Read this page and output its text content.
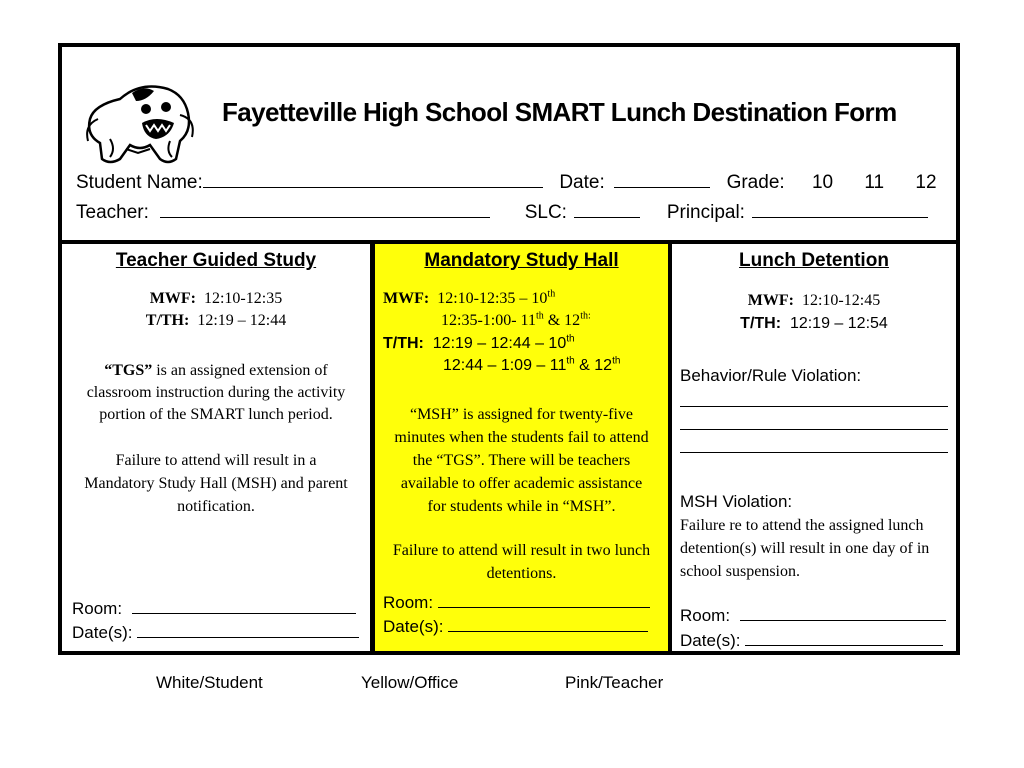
Fayetteville High School SMART Lunch Destination Form
Student Name:	Date:	Grade: 10 11 12
Teacher:	SLC:	Principal:
Teacher Guided Study
MWF: 12:10-12:35
T/TH: 12:19 – 12:44
“TGS” is an assigned extension of
classroom instruction during the activity
portion of the SMART lunch period.
Failure to attend will result in a
Mandatory Study Hall (MSH) and parent
notification.
Room:
Date(s):
Mandatory Study Hall
MWF: 12:10-12:35 – 10th
12:35-1:00- 11th & $12^{th:}$
T/TH: 12:19 – 12:44 – 10th
12:44 – 1:09 – 11th & 12th
“MSH” is assigned for twenty-five
minutes when the students fail to attend
the “TGS”. There will be teachers
available to offer academic assistance
for students while in “MSH”.
Failure to attend will result in two lunch
detentions.
Room:
Date(s):
Lunch Detention
MWF: 12:10-12:45
T/TH: 12:19 – 12:54
Behavior/Rule Violation:
MSH Violation:
Failure re to attend the assigned lunch
detention(s) will result in one day of in
school suspension.
Room:
Date(s):
White/Student	Yellow/Office	Pink/Teacher
